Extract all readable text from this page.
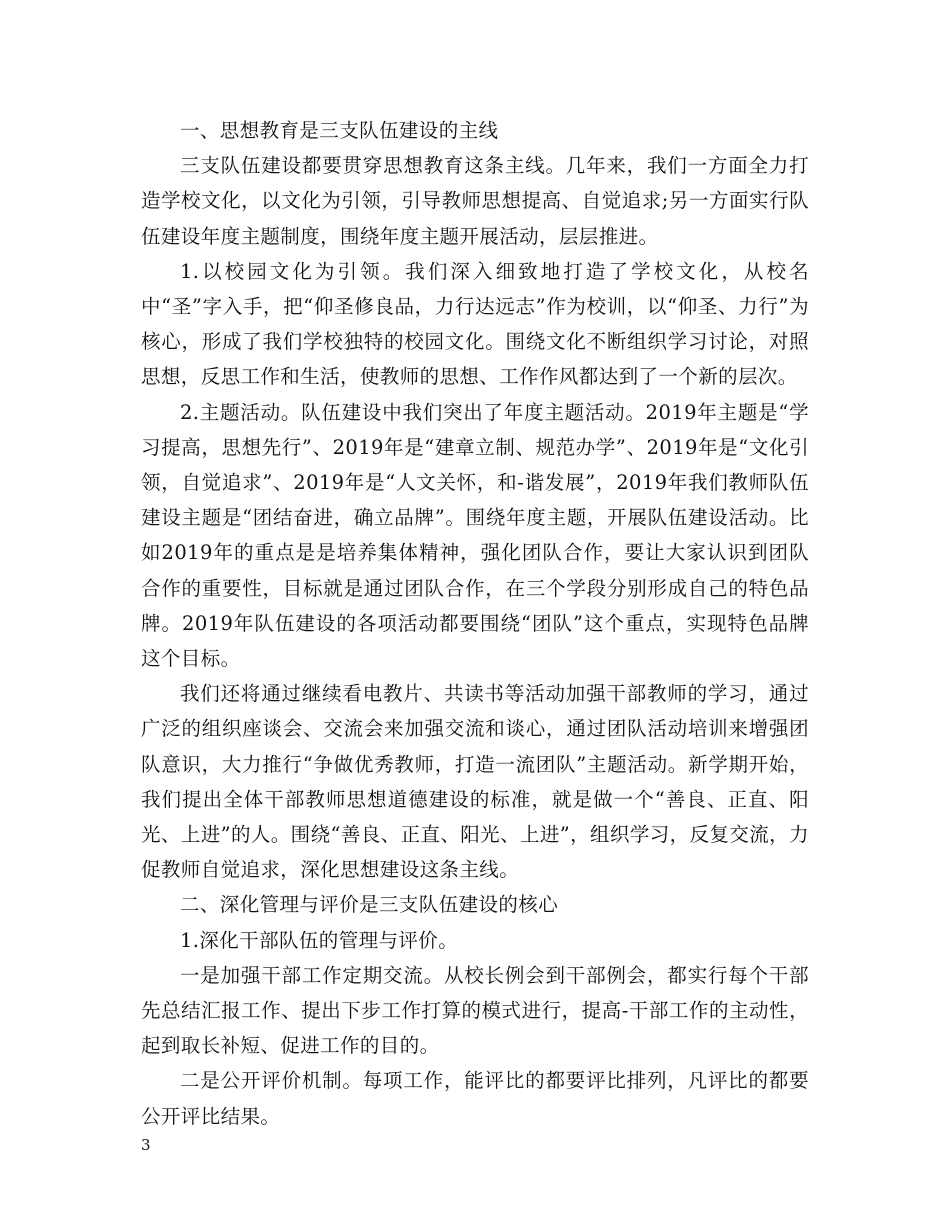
一、思想教育是三支队伍建设的主线

三支队伍建设都要贯穿思想教育这条主线。几年来，我们一方面全力打造学校文化，以文化为引领，引导教师思想提高、自觉追求;另一方面实行队伍建设年度主题制度，围绕年度主题开展活动，层层推进。

1.以校园文化为引领。我们深入细致地打造了学校文化，从校名中“圣”字入手，把“仰圣修良品，力行达远志”作为校训，以“仰圣、力行”为核心，形成了我们学校独特的校园文化。围绕文化不断组织学习讨论，对照思想，反思工作和生活，使教师的思想、工作作风都达到了一个新的层次。

2.主题活动。队伍建设中我们突出了年度主题活动。2019年主题是“学习提高，思想先行”、2019年是“建章立制、规范办学”、2019年是“文化引领，自觉追求”、2019年是“人文关怀，和-谐发展”，2019年我们教师队伍建设主题是“团结奋进，确立品牌”。围绕年度主题，开展队伍建设活动。比如2019年的重点是是培养集体精神，强化团队合作，要让大家认识到团队合作的重要性，目标就是通过团队合作，在三个学段分别形成自己的特色品牌。2019年队伍建设的各项活动都要围绕“团队”这个重点，实现特色品牌这个目标。

我们还将通过继续看电教片、共读书等活动加强干部教师的学习，通过广泛的组织座谈会、交流会来加强交流和谈心，通过团队活动培训来增强团队意识，大力推行“争做优秀教师，打造一流团队”主题活动。新学期开始，我们提出全体干部教师思想道德建设的标准，就是做一个“善良、正直、阳光、上进”的人。围绕“善良、正直、阳光、上进”，组织学习，反复交流，力促教师自觉追求，深化思想建设这条主线。

二、深化管理与评价是三支队伍建设的核心

1.深化干部队伍的管理与评价。

一是加强干部工作定期交流。从校长例会到干部例会，都实行每个干部先总结汇报工作、提出下步工作打算的模式进行，提高-干部工作的主动性，起到取长补短、促进工作的目的。

二是公开评价机制。每项工作，能评比的都要评比排列，凡评比的都要公开评比结果。

3
